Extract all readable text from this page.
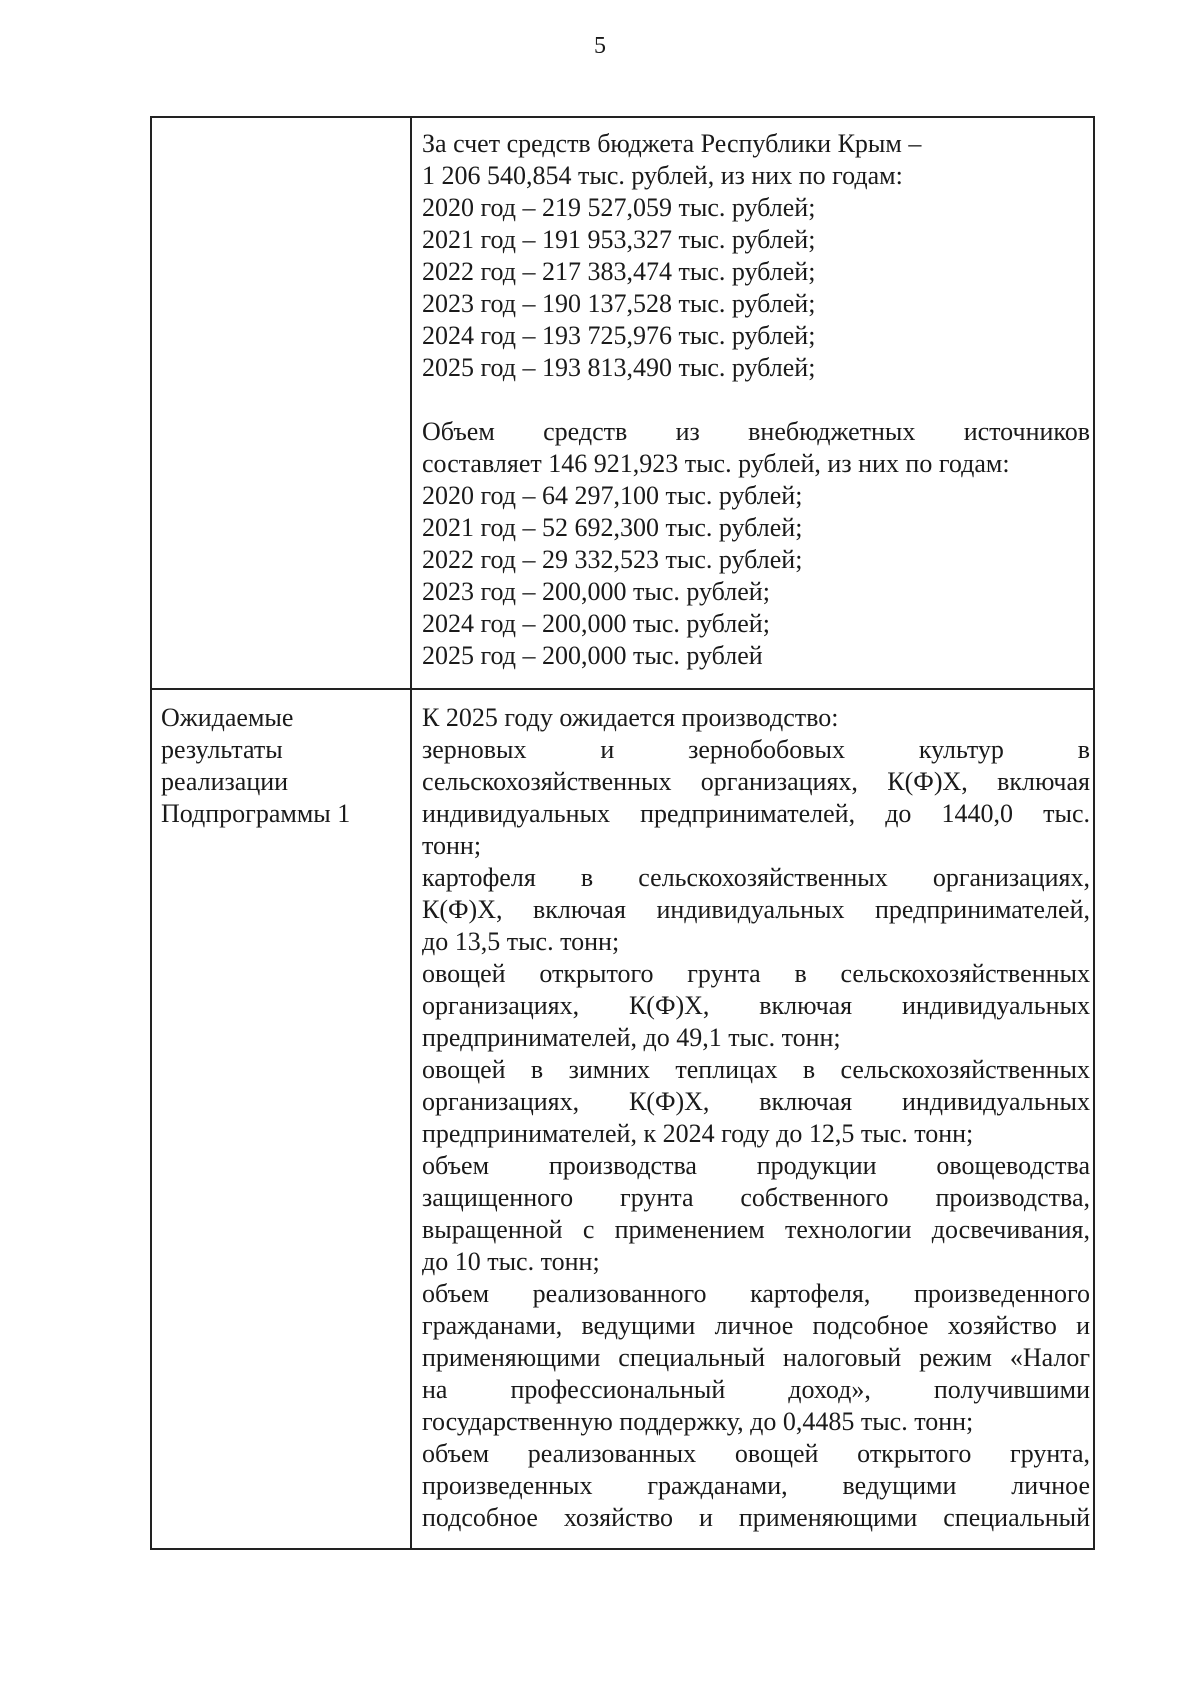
5
За счет средств бюджета Республики Крым –
1 206 540,854 тыс. рублей, из них по годам:
2020 год – 219 527,059 тыс. рублей;
2021 год – 191 953,327 тыс. рублей;
2022 год – 217 383,474 тыс. рублей;
2023 год – 190 137,528 тыс. рублей;
2024 год – 193 725,976 тыс. рублей;
2025 год – 193 813,490 тыс. рублей;
Объем средств из внебюджетных источников
составляет 146 921,923 тыс. рублей, из них по годам:
2020 год – 64 297,100 тыс. рублей;
2021 год – 52 692,300 тыс. рублей;
2022 год – 29 332,523 тыс. рублей;
2023 год – 200,000 тыс. рублей;
2024 год – 200,000 тыс. рублей;
2025 год – 200,000 тыс. рублей
Ожидаемые
результаты
реализации
Подпрограммы 1
К 2025 году ожидается производство:
зерновых и зернобобовых культур в
сельскохозяйственных организациях, К(Ф)Х, включая
индивидуальных предпринимателей, до 1440,0 тыс.
тонн;
картофеля в сельскохозяйственных организациях,
К(Ф)Х, включая индивидуальных предпринимателей,
до 13,5 тыс. тонн;
овощей открытого грунта в сельскохозяйственных
организациях, К(Ф)Х, включая индивидуальных
предпринимателей, до 49,1 тыс. тонн;
овощей в зимних теплицах в сельскохозяйственных
организациях, К(Ф)Х, включая индивидуальных
предпринимателей, к 2024 году до 12,5 тыс. тонн;
объем производства продукции овощеводства
защищенного грунта собственного производства,
выращенной с применением технологии досвечивания,
до 10 тыс. тонн;
объем реализованного картофеля, произведенного
гражданами, ведущими личное подсобное хозяйство и
применяющими специальный налоговый режим «Налог
на профессиональный доход», получившими
государственную поддержку, до 0,4485 тыс. тонн;
объем реализованных овощей открытого грунта,
произведенных гражданами, ведущими личное
подсобное хозяйство и применяющими специальный
